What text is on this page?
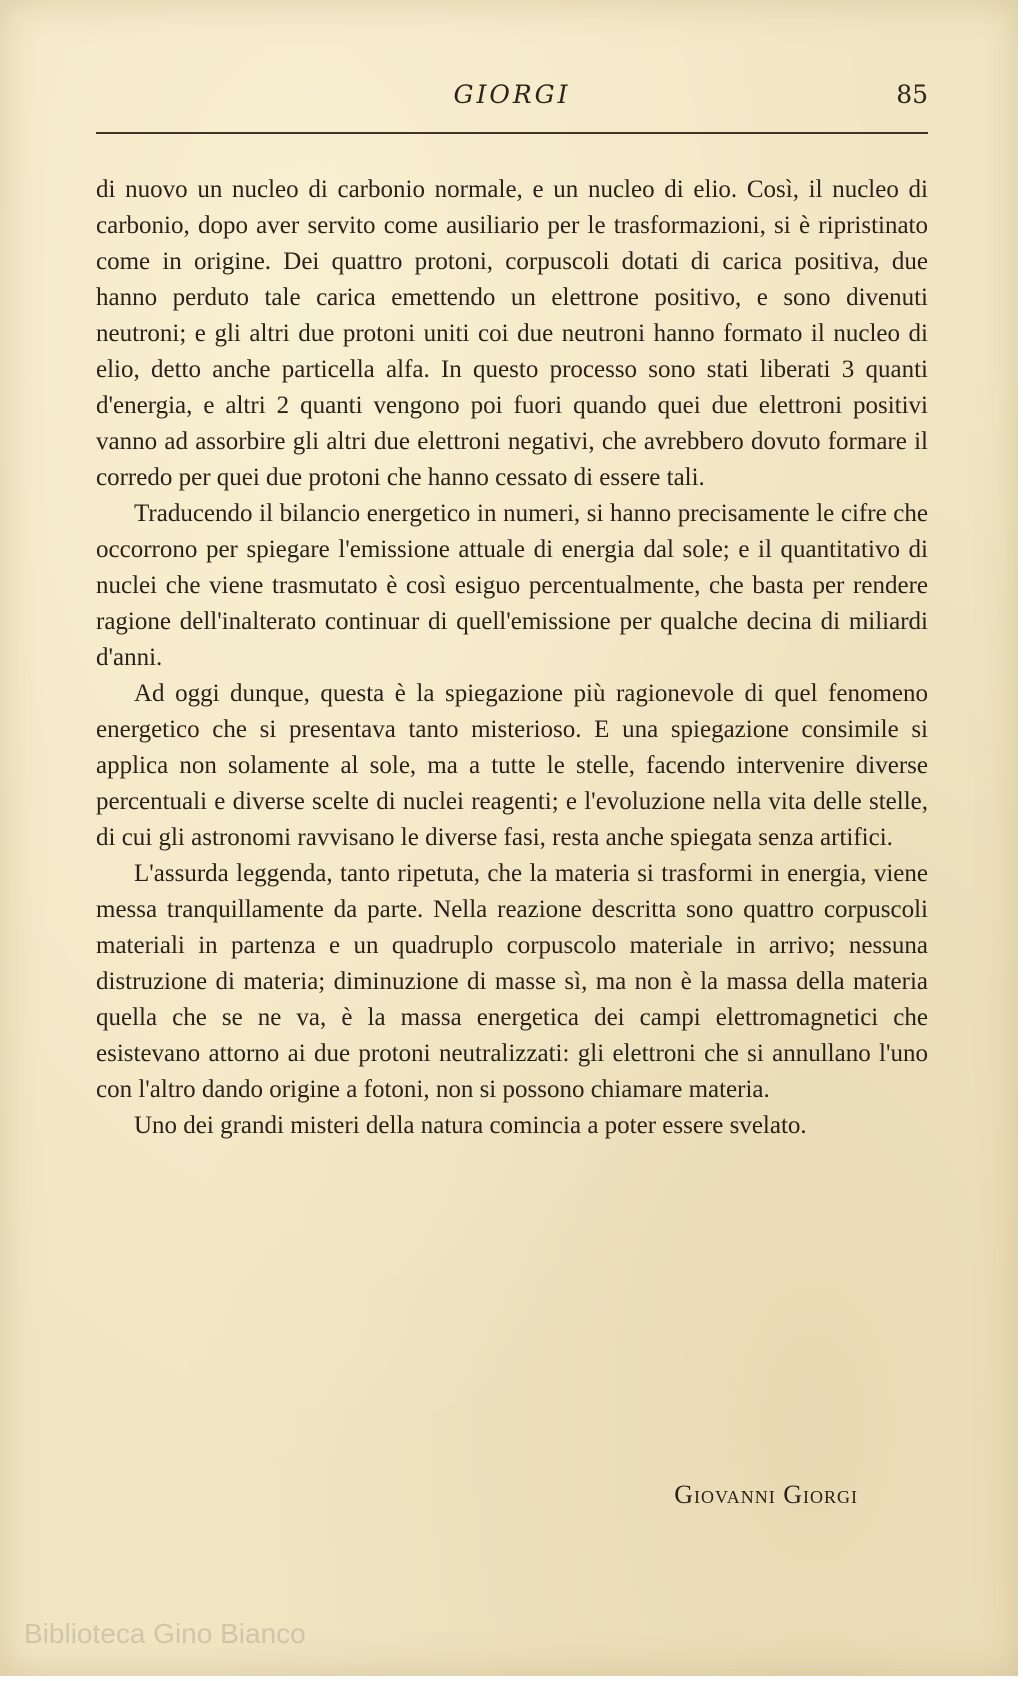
GIORGI	85

di nuovo un nucleo di carbonio normale, e un nucleo di elio. Così, il nucleo di carbonio, dopo aver servito come ausiliario per le trasformazioni, si è ripristinato come in origine. Dei quattro protoni, corpuscoli dotati di carica positiva, due hanno perduto tale carica emettendo un elettrone positivo, e sono divenuti neutroni; e gli altri due protoni uniti coi due neutroni hanno formato il nucleo di elio, detto anche particella alfa. In questo processo sono stati liberati 3 quanti d'energia, e altri 2 quanti vengono poi fuori quando quei due elettroni positivi vanno ad assorbire gli altri due elettroni negativi, che avrebbero dovuto formare il corredo per quei due protoni che hanno cessato di essere tali.

Traducendo il bilancio energetico in numeri, si hanno precisamente le cifre che occorrono per spiegare l'emissione attuale di energia dal sole; e il quantitativo di nuclei che viene trasmutato è così esiguo percentualmente, che basta per rendere ragione dell'inalterato continuar di quell'emissione per qualche decina di miliardi d'anni.

Ad oggi dunque, questa è la spiegazione più ragionevole di quel fenomeno energetico che si presentava tanto misterioso. E una spiegazione consimile si applica non solamente al sole, ma a tutte le stelle, facendo intervenire diverse percentuali e diverse scelte di nuclei reagenti; e l'evoluzione nella vita delle stelle, di cui gli astronomi ravvisano le diverse fasi, resta anche spiegata senza artifici.

L'assurda leggenda, tanto ripetuta, che la materia si trasformi in energia, viene messa tranquillamente da parte. Nella reazione descritta sono quattro corpuscoli materiali in partenza e un quadruplo corpuscolo materiale in arrivo; nessuna distruzione di materia; diminuzione di masse sì, ma non è la massa della materia quella che se ne va, è la massa energetica dei campi elettromagnetici che esistevano attorno ai due protoni neutralizzati: gli elettroni che si annullano l'uno con l'altro dando origine a fotoni, non si possono chiamare materia.

Uno dei grandi misteri della natura comincia a poter essere svelato.

Giovanni Giorgi
Biblioteca Gino Bianco
